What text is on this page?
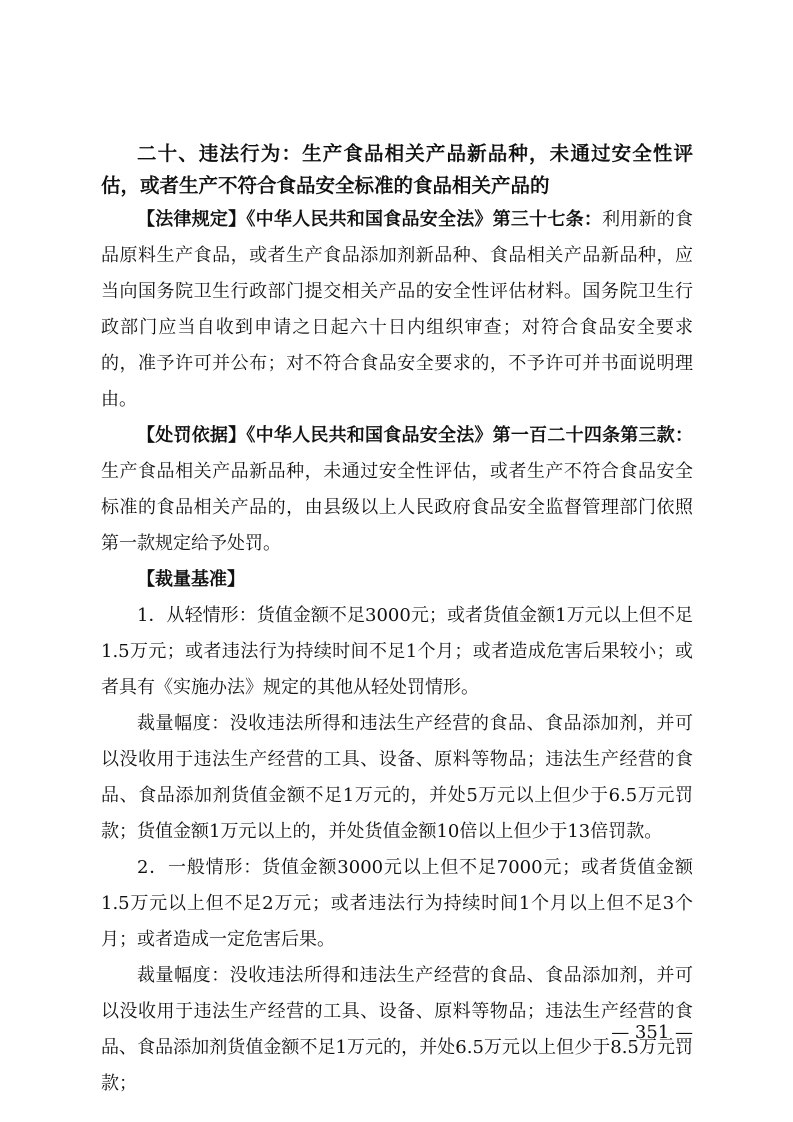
二十、违法行为：生产食品相关产品新品种，未通过安全性评估，或者生产不符合食品安全标准的食品相关产品的

【法律规定】《中华人民共和国食品安全法》第三十七条：利用新的食品原料生产食品，或者生产食品添加剂新品种、食品相关产品新品种，应当向国务院卫生行政部门提交相关产品的安全性评估材料。国务院卫生行政部门应当自收到申请之日起六十日内组织审查；对符合食品安全要求的，准予许可并公布；对不符合食品安全要求的，不予许可并书面说明理由。

【处罚依据】《中华人民共和国食品安全法》第一百二十四条第三款：生产食品相关产品新品种，未通过安全性评估，或者生产不符合食品安全标准的食品相关产品的，由县级以上人民政府食品安全监督管理部门依照第一款规定给予处罚。

【裁量基准】

1．从轻情形：货值金额不足3000元；或者货值金额1万元以上但不足1.5万元；或者违法行为持续时间不足1个月；或者造成危害后果较小；或者具有《实施办法》规定的其他从轻处罚情形。

裁量幅度：没收违法所得和违法生产经营的食品、食品添加剂，并可以没收用于违法生产经营的工具、设备、原料等物品；违法生产经营的食品、食品添加剂货值金额不足1万元的，并处5万元以上但少于6.5万元罚款；货值金额1万元以上的，并处货值金额10倍以上但少于13倍罚款。

2．一般情形：货值金额3000元以上但不足7000元；或者货值金额1.5万元以上但不足2万元；或者违法行为持续时间1个月以上但不足3个月；或者造成一定危害后果。

裁量幅度：没收违法所得和违法生产经营的食品、食品添加剂，并可以没收用于违法生产经营的工具、设备、原料等物品；违法生产经营的食品、食品添加剂货值金额不足1万元的，并处6.5万元以上但少于8.5万元罚款；

— 351 —
